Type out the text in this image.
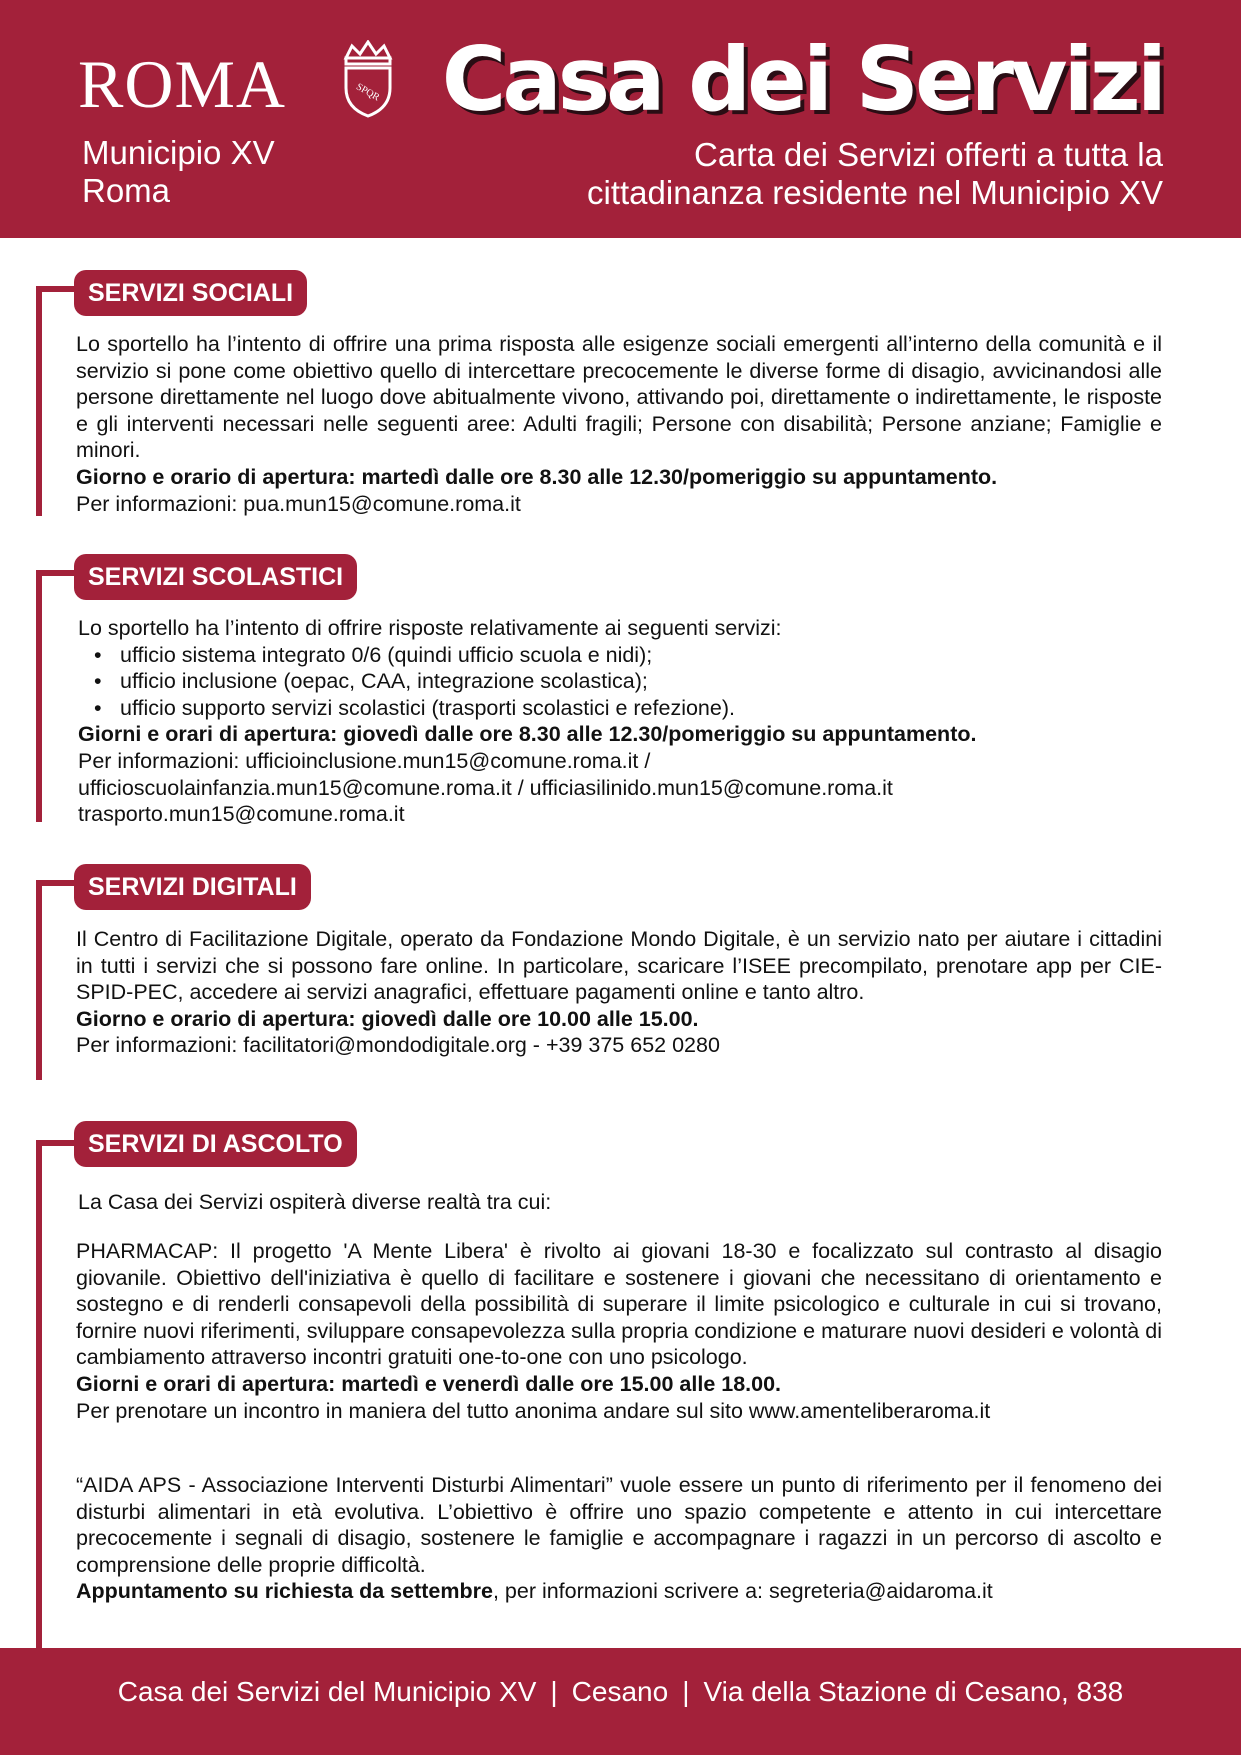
ROMA	SPQR
Municipio XV
Roma
Casa dei Servizi
Carta dei Servizi offerti a tutta la
cittadinanza residente nel Municipio XV
SERVIZI SOCIALI

Lo sportello ha l’intento di offrire una prima risposta alle esigenze sociali emergenti all’interno della comunità e il servizio si pone come obiettivo quello di intercettare precocemente le diverse forme di disagio, avvicinandosi alle persone direttamente nel luogo dove abitualmente vivono, attivando poi, direttamente o indirettamente, le risposte e gli interventi necessari nelle seguenti aree: Adulti fragili; Persone con disabilità; Persone anziane; Famiglie e minori.

Giorno e orario di apertura: martedì dalle ore 8.30 alle 12.30/pomeriggio su appuntamento.

Per informazioni: pua.mun15@comune.roma.it

SERVIZI SCOLASTICI

Lo sportello ha l’intento di offrire risposte relativamente ai seguenti servizi:

• ufficio sistema integrato 0/6 (quindi ufficio scuola e nidi);
• ufficio inclusione (oepac, CAA, integrazione scolastica);
• ufficio supporto servizi scolastici (trasporti scolastici e refezione).

Giorni e orari di apertura: giovedì dalle ore 8.30 alle 12.30/pomeriggio su appuntamento.

Per informazioni: ufficioinclusione.mun15@comune.roma.it /

ufficioscuolainfanzia.mun15@comune.roma.it / ufficiasilinido.mun15@comune.roma.it

trasporto.mun15@comune.roma.it

SERVIZI DIGITALI

Il Centro di Facilitazione Digitale, operato da Fondazione Mondo Digitale, è un servizio nato per aiutare i cittadini in tutti i servizi che si possono fare online. In particolare, scaricare l’ISEE precompilato, prenotare app per CIE-SPID-PEC, accedere ai servizi anagrafici, effettuare pagamenti online e tanto altro.

Giorno e orario di apertura: giovedì dalle ore 10.00 alle 15.00.

Per informazioni: facilitatori@mondodigitale.org - +39 375 652 0280

SERVIZI DI ASCOLTO
La Casa dei Servizi ospiterà diverse realtà tra cui:

PHARMACAP: Il progetto 'A Mente Libera' è rivolto ai giovani 18-30 e focalizzato sul contrasto al disagio giovanile. Obiettivo dell'iniziativa è quello di facilitare e sostenere i giovani che necessitano di orientamento e sostegno e di renderli consapevoli della possibilità di superare il limite psicologico e culturale in cui si trovano, fornire nuovi riferimenti, sviluppare consapevolezza sulla propria condizione e maturare nuovi desideri e volontà di cambiamento attraverso incontri gratuiti one-to-one con uno psicologo.

Giorni e orari di apertura: martedì e venerdì dalle ore 15.00 alle 18.00.

Per prenotare un incontro in maniera del tutto anonima andare sul sito www.amenteliberaroma.it

“AIDA APS - Associazione Interventi Disturbi Alimentari” vuole essere un punto di riferimento per il fenomeno dei disturbi alimentari in età evolutiva. L’obiettivo è offrire uno spazio competente e attento in cui intercettare precocemente i segnali di disagio, sostenere le famiglie e accompagnare i ragazzi in un percorso di ascolto e comprensione delle proprie difficoltà.

Appuntamento su richiesta da settembre, per informazioni scrivere a: segreteria@aidaroma.it

Casa dei Servizi del Municipio XV | Cesano | Via della Stazione di Cesano, 838
